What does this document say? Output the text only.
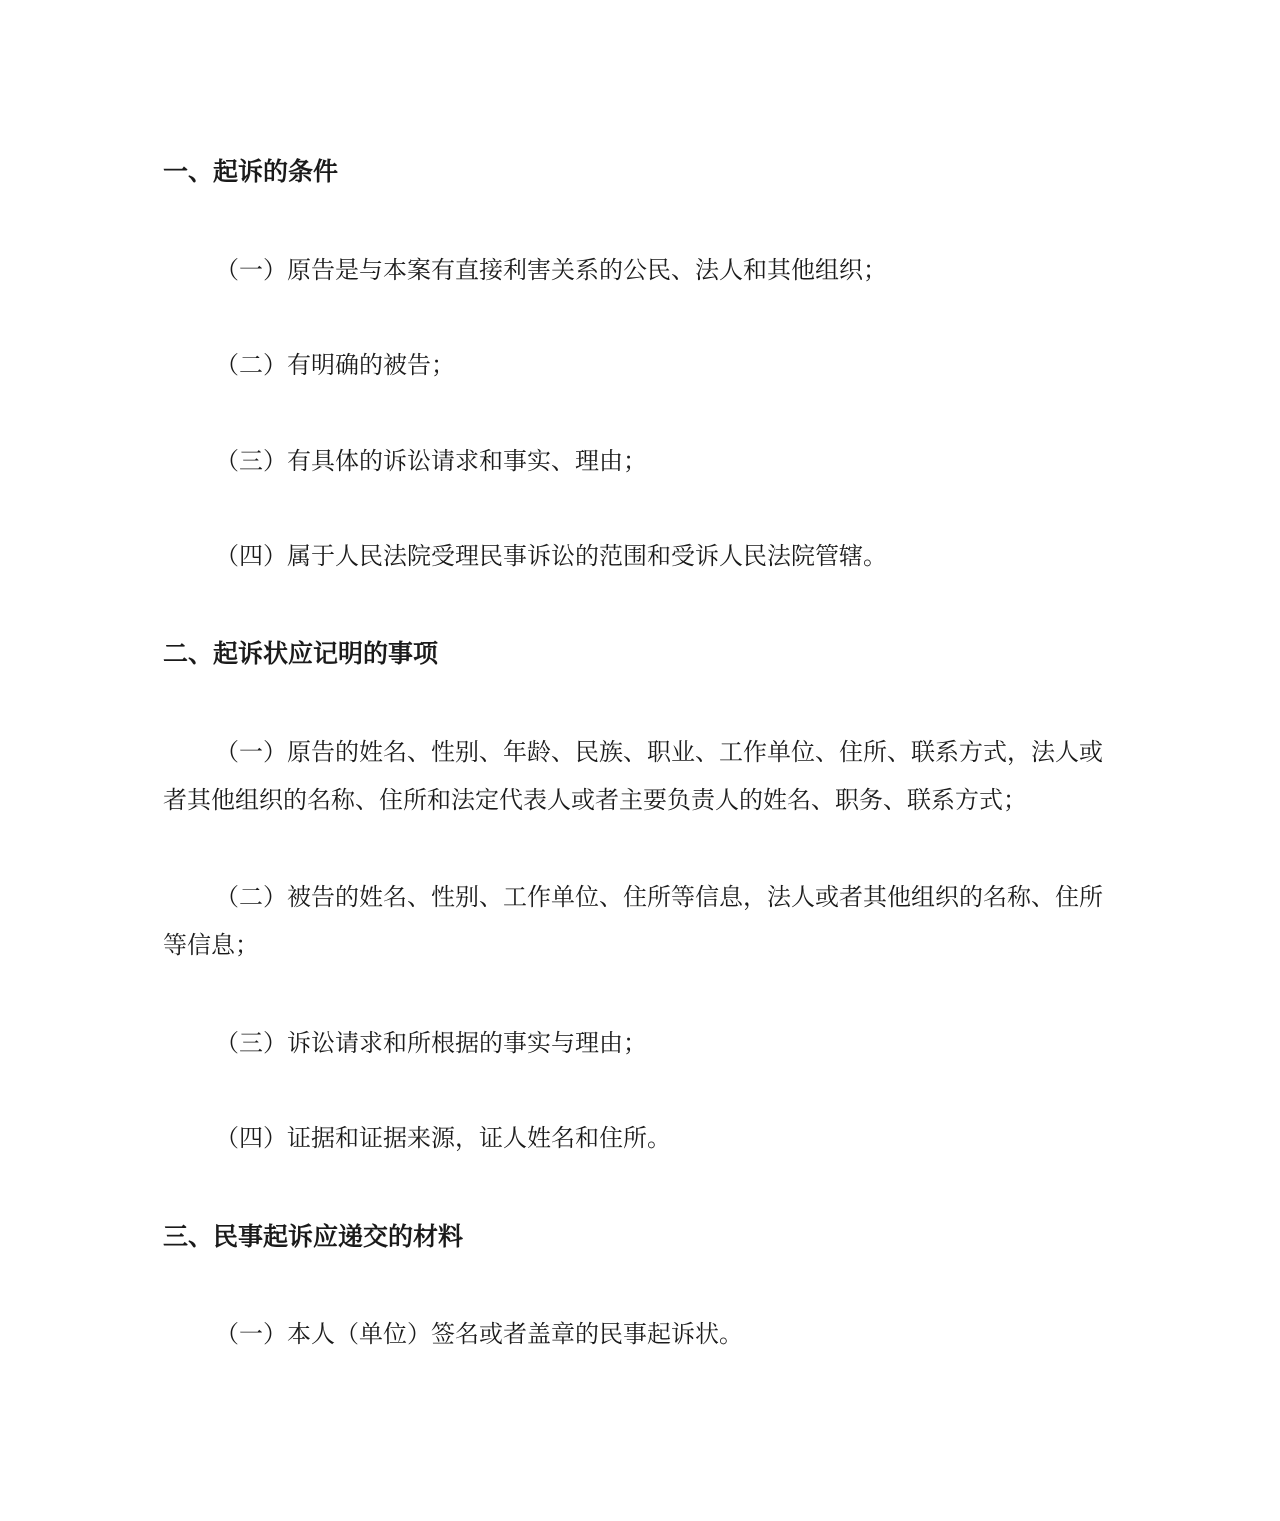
一、起诉的条件

（一）原告是与本案有直接利害关系的公民、法人和其他组织；

（二）有明确的被告；

（三）有具体的诉讼请求和事实、理由；

（四）属于人民法院受理民事诉讼的范围和受诉人民法院管辖。

二、起诉状应记明的事项

（一）原告的姓名、性别、年龄、民族、职业、工作单位、住所、联系方式，法人或者其他组织的名称、住所和法定代表人或者主要负责人的姓名、职务、联系方式；

（二）被告的姓名、性别、工作单位、住所等信息，法人或者其他组织的名称、住所等信息；

（三）诉讼请求和所根据的事实与理由；

（四）证据和证据来源，证人姓名和住所。

三、民事起诉应递交的材料

（一）本人（单位）签名或者盖章的民事起诉状。
